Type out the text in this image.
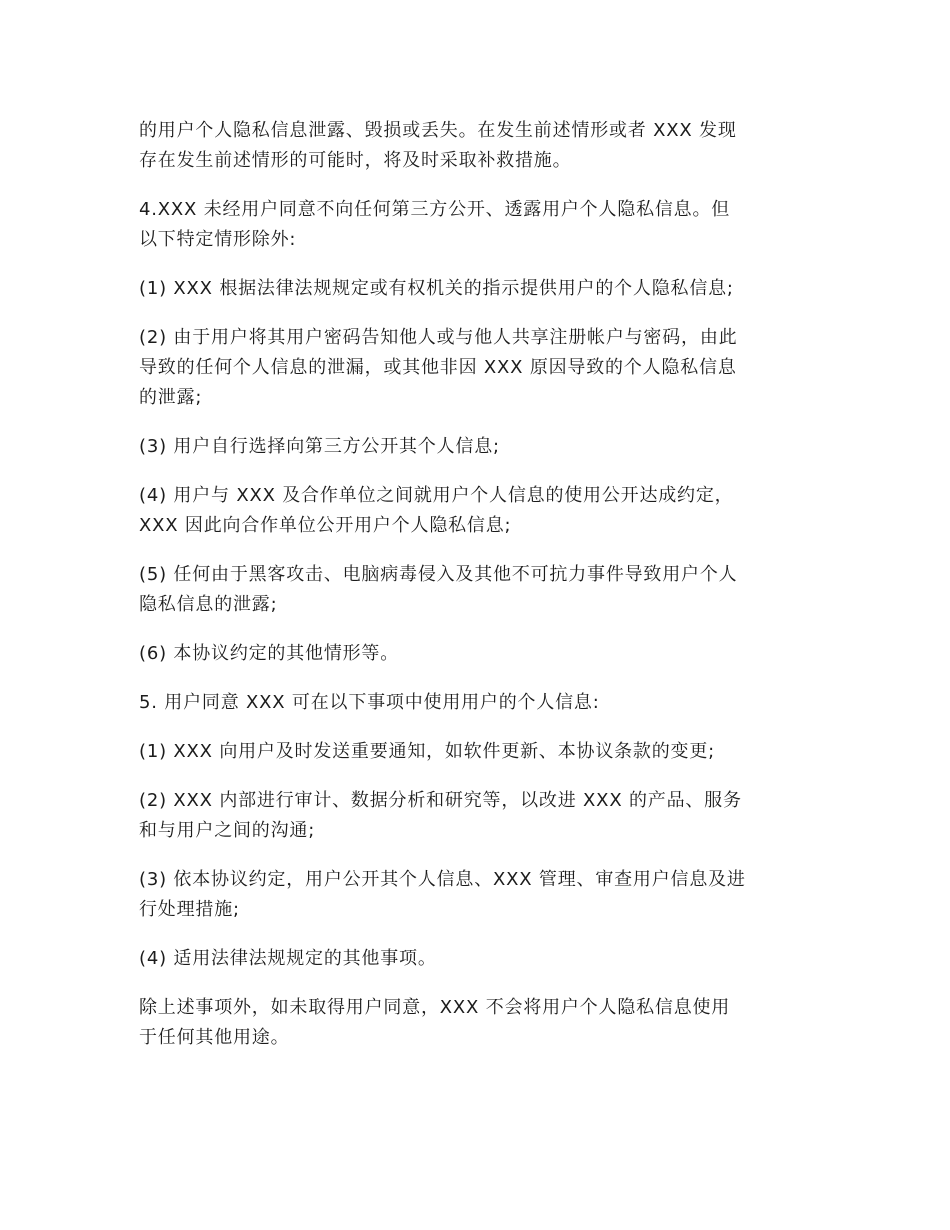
的用户个人隐私信息泄露、毁损或丢失。在发生前述情形或者 XXX 发现
存在发生前述情形的可能时，将及时采取补救措施。

4.XXX 未经用户同意不向任何第三方公开、透露用户个人隐私信息。但
以下特定情形除外:

(1) XXX 根据法律法规规定或有权机关的指示提供用户的个人隐私信息;

(2) 由于用户将其用户密码告知他人或与他人共享注册帐户与密码，由此
导致的任何个人信息的泄漏，或其他非因 XXX 原因导致的个人隐私信息
的泄露;

(3) 用户自行选择向第三方公开其个人信息;

(4) 用户与 XXX 及合作单位之间就用户个人信息的使用公开达成约定，
XXX 因此向合作单位公开用户个人隐私信息;

(5) 任何由于黑客攻击、电脑病毒侵入及其他不可抗力事件导致用户个人
隐私信息的泄露;

(6) 本协议约定的其他情形等。

5. 用户同意 XXX 可在以下事项中使用用户的个人信息:

(1) XXX 向用户及时发送重要通知，如软件更新、本协议条款的变更;

(2) XXX 内部进行审计、数据分析和研究等，以改进 XXX 的产品、服务
和与用户之间的沟通;

(3) 依本协议约定，用户公开其个人信息、XXX 管理、审查用户信息及进
行处理措施;

(4) 适用法律法规规定的其他事项。

除上述事项外，如未取得用户同意，XXX 不会将用户个人隐私信息使用
于任何其他用途。
